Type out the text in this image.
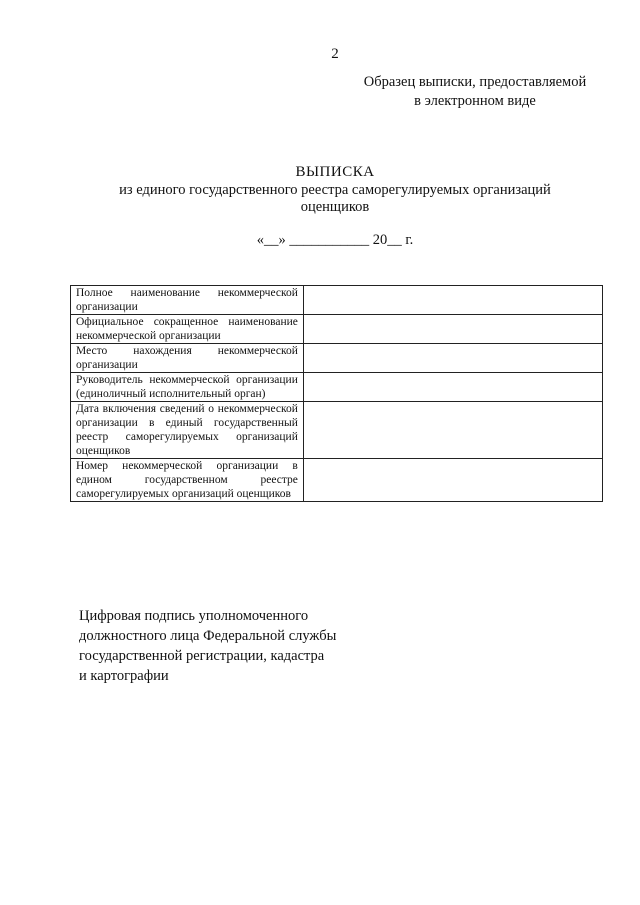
2
Образец выписки, предоставляемой
в электронном виде
ВЫПИСКА
из единого государственного реестра саморегулируемых организаций
оценщиков
«__» ___________ 20__ г.
Полное наименование некоммерческой организации	
Официальное сокращенное наименование некоммерческой организации	
Место нахождения некоммерческой организации	
Руководитель некоммерческой организации (единоличный исполнительный орган)	
Дата включения сведений о некоммерческой организации в единый государственный реестр саморегулируемых организаций оценщиков	
Номер некоммерческой организации в едином государственном реестре саморегулируемых организаций оценщиков	
Цифровая подпись уполномоченного
должностного лица Федеральной службы
государственной регистрации, кадастра
и картографии
